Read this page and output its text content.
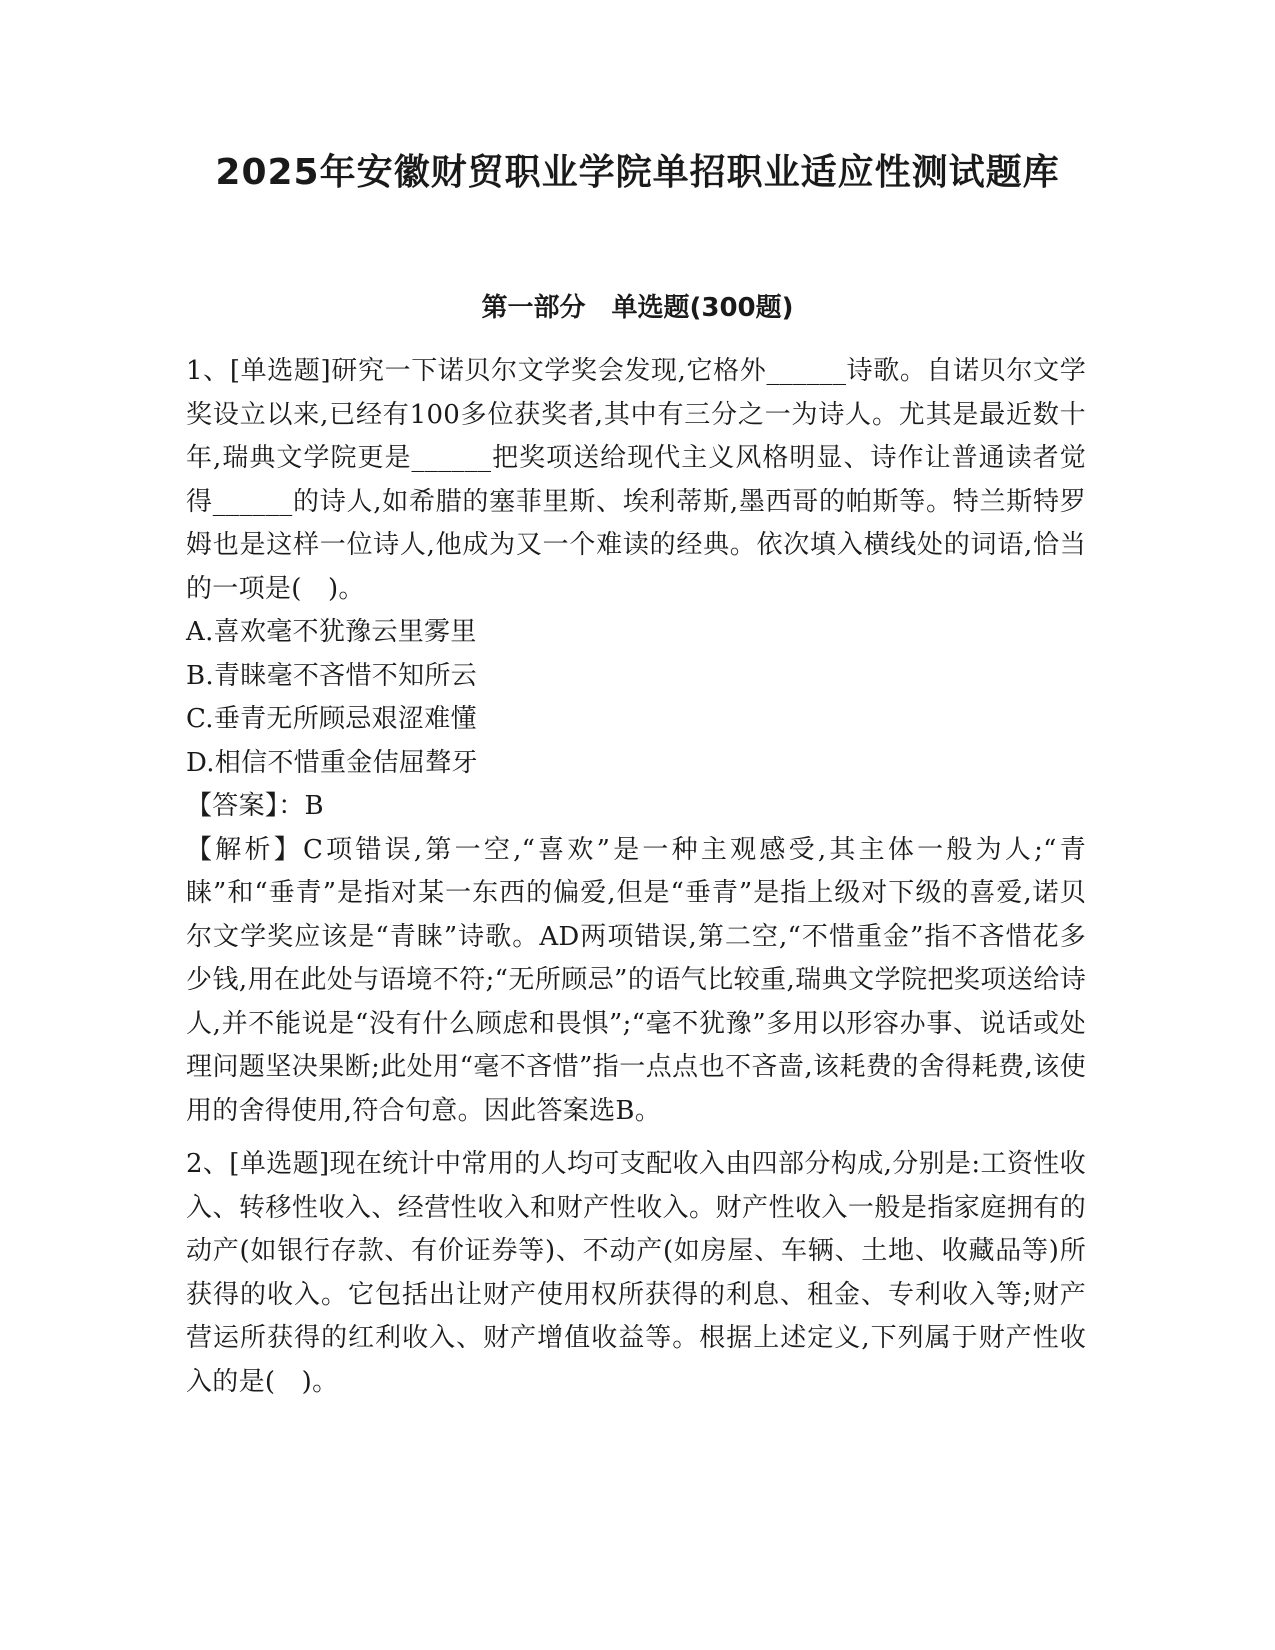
2025年安徽财贸职业学院单招职业适应性测试题库
第一部分　单选题(300题)

1、[单选题]研究一下诺贝尔文学奖会发现,它格外______诗歌。自诺贝尔文学奖设立以来,已经有100多位获奖者,其中有三分之一为诗人。尤其是最近数十年,瑞典文学院更是______把奖项送给现代主义风格明显、诗作让普通读者觉得______的诗人,如希腊的塞菲里斯、埃利蒂斯,墨西哥的帕斯等。特兰斯特罗姆也是这样一位诗人,他成为又一个难读的经典。依次填入横线处的词语,恰当的一项是(　)。

A.喜欢毫不犹豫云里雾里

B.青睐毫不吝惜不知所云

C.垂青无所顾忌艰涩难懂

D.相信不惜重金佶屈聱牙

【答案】：B

【解析】C项错误,第一空,“喜欢”是一种主观感受,其主体一般为人;“青睐”和“垂青”是指对某一东西的偏爱,但是“垂青”是指上级对下级的喜爱,诺贝尔文学奖应该是“青睐”诗歌。AD两项错误,第二空,“不惜重金”指不吝惜花多少钱,用在此处与语境不符;“无所顾忌”的语气比较重,瑞典文学院把奖项送给诗人,并不能说是“没有什么顾虑和畏惧”;“毫不犹豫”多用以形容办事、说话或处理问题坚决果断;此处用“毫不吝惜”指一点点也不吝啬,该耗费的舍得耗费,该使用的舍得使用,符合句意。因此答案选B。

2、[单选题]现在统计中常用的人均可支配收入由四部分构成,分别是:工资性收入、转移性收入、经营性收入和财产性收入。财产性收入一般是指家庭拥有的动产(如银行存款、有价证券等)、不动产(如房屋、车辆、土地、收藏品等)所获得的收入。它包括出让财产使用权所获得的利息、租金、专利收入等;财产营运所获得的红利收入、财产增值收益等。根据上述定义,下列属于财产性收入的是(　)。
